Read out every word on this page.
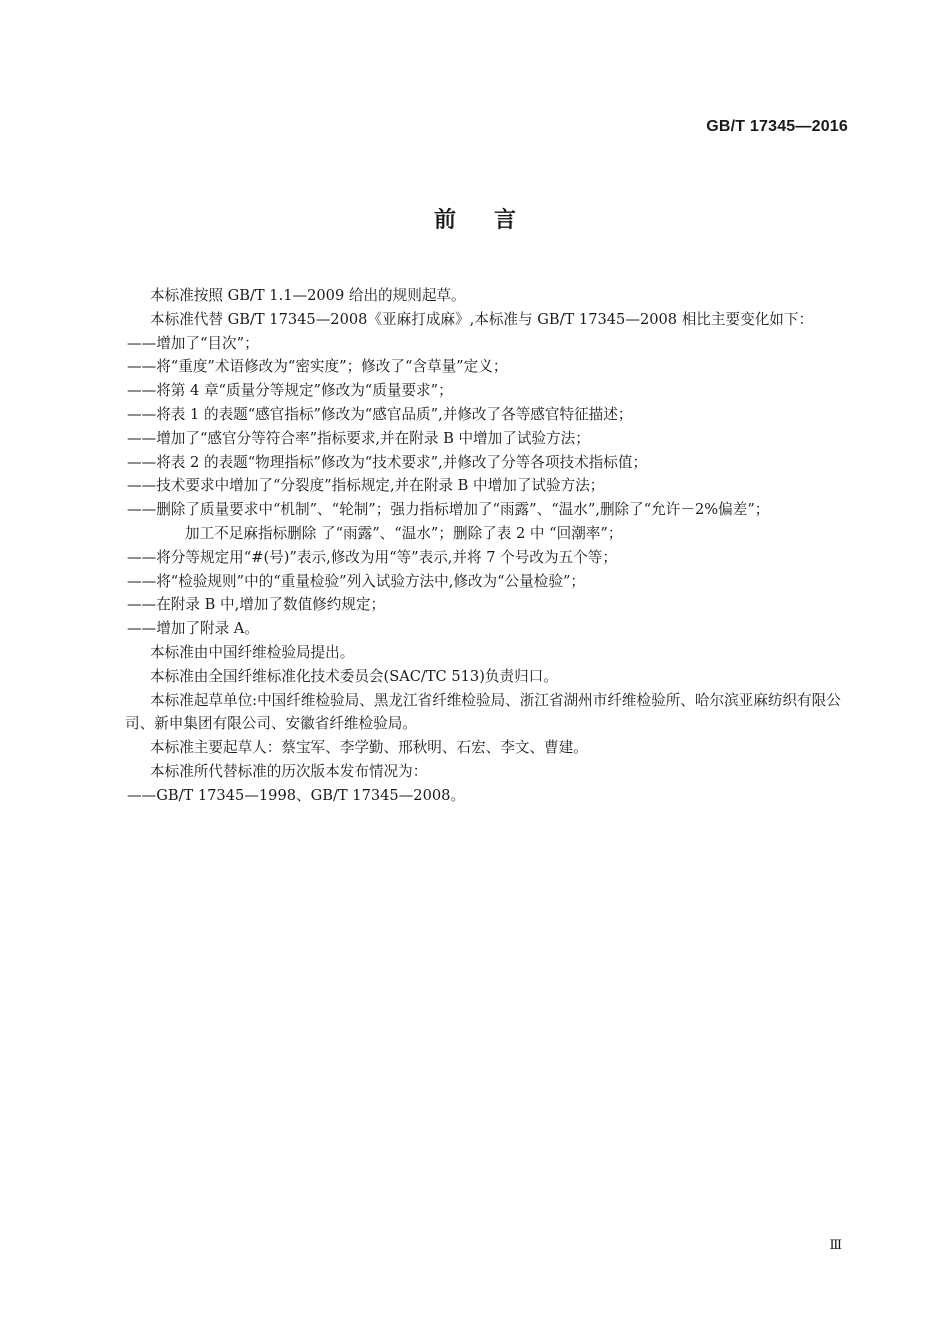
GB/T 17345—2016
前言
本标准按照 GB/T 1.1—2009 给出的规则起草。
本标准代替 GB/T 17345—2008《亚麻打成麻》,本标准与 GB/T 17345—2008 相比主要变化如下：
——增加了“目次”；
——将“重度”术语修改为“密实度”；修改了“含草量”定义；
——将第 4 章“质量分等规定”修改为“质量要求”；
——将表 1 的表题“感官指标”修改为“感官品质”,并修改了各等感官特征描述；
——增加了“感官分等符合率”指标要求,并在附录 B 中增加了试验方法；
——将表 2 的表题“物理指标”修改为“技术要求”,并修改了分等各项技术指标值；
——技术要求中增加了“分裂度”指标规定,并在附录 B 中增加了试验方法；
——删除了质量要求中“机制”、“轮制”；强力指标增加了“雨露”、“温水”,删除了“允许－2%偏差”；
加工不足麻指标删除 了“雨露”、“温水”；删除了表 2 中 “回潮率”；
——将分等规定用“#(号)”表示,修改为用“等”表示,并将 7 个号改为五个等；
——将“检验规则”中的“重量检验”列入试验方法中,修改为“公量检验”；
——在附录 B 中,增加了数值修约规定；
——增加了附录 A。
本标准由中国纤维检验局提出。
本标准由全国纤维标准化技术委员会(SAC/TC 513)负责归口。
本标准起草单位:中国纤维检验局、黑龙江省纤维检验局、浙江省湖州市纤维检验所、哈尔滨亚麻纺织有限公司、新申集团有限公司、安徽省纤维检验局。
本标准主要起草人：蔡宝军、李学勤、邢秋明、石宏、李文、曹建。
本标准所代替标准的历次版本发布情况为：
——GB/T 17345—1998、GB/T 17345—2008。
Ⅲ
